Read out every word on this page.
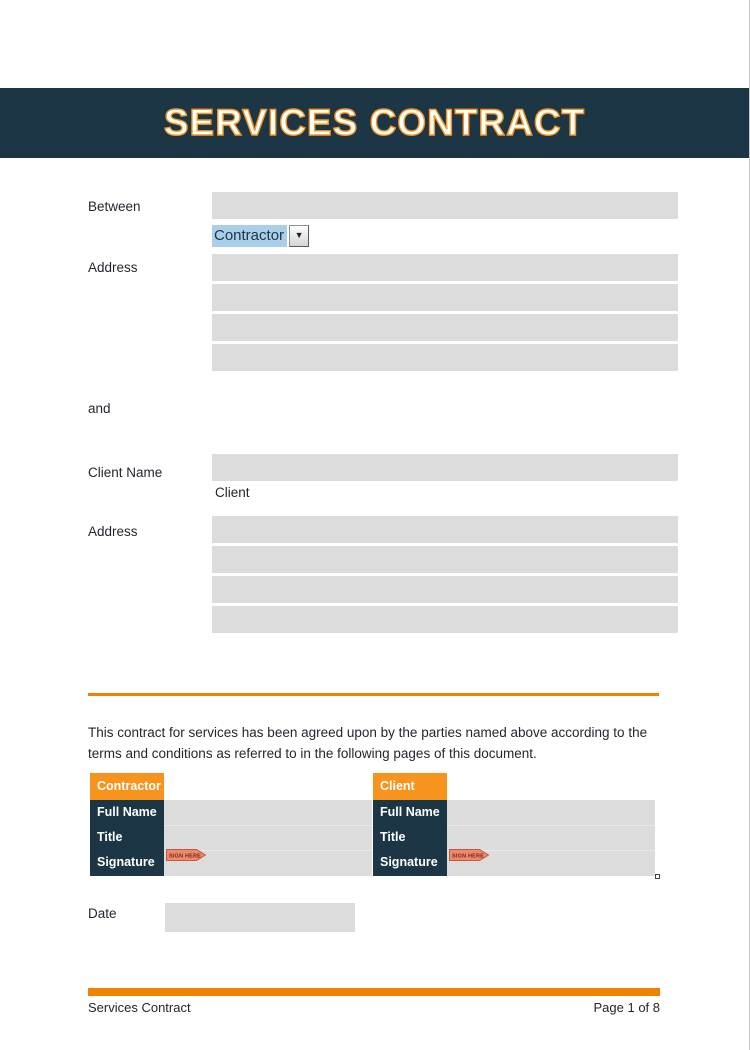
SERVICES CONTRACT
Between
Contractor	▼
Address
and
Client Name
Client
Address

This contract for services has been agreed upon by the parties named above according to the terms and conditions as referred to in the following pages of this document.

Contractor
Full Name
Title
Signature	SIGN HERE
Client
Full Name
Title
Signature	SIGN HERE
Date
Services Contract	Page 1 of 8
